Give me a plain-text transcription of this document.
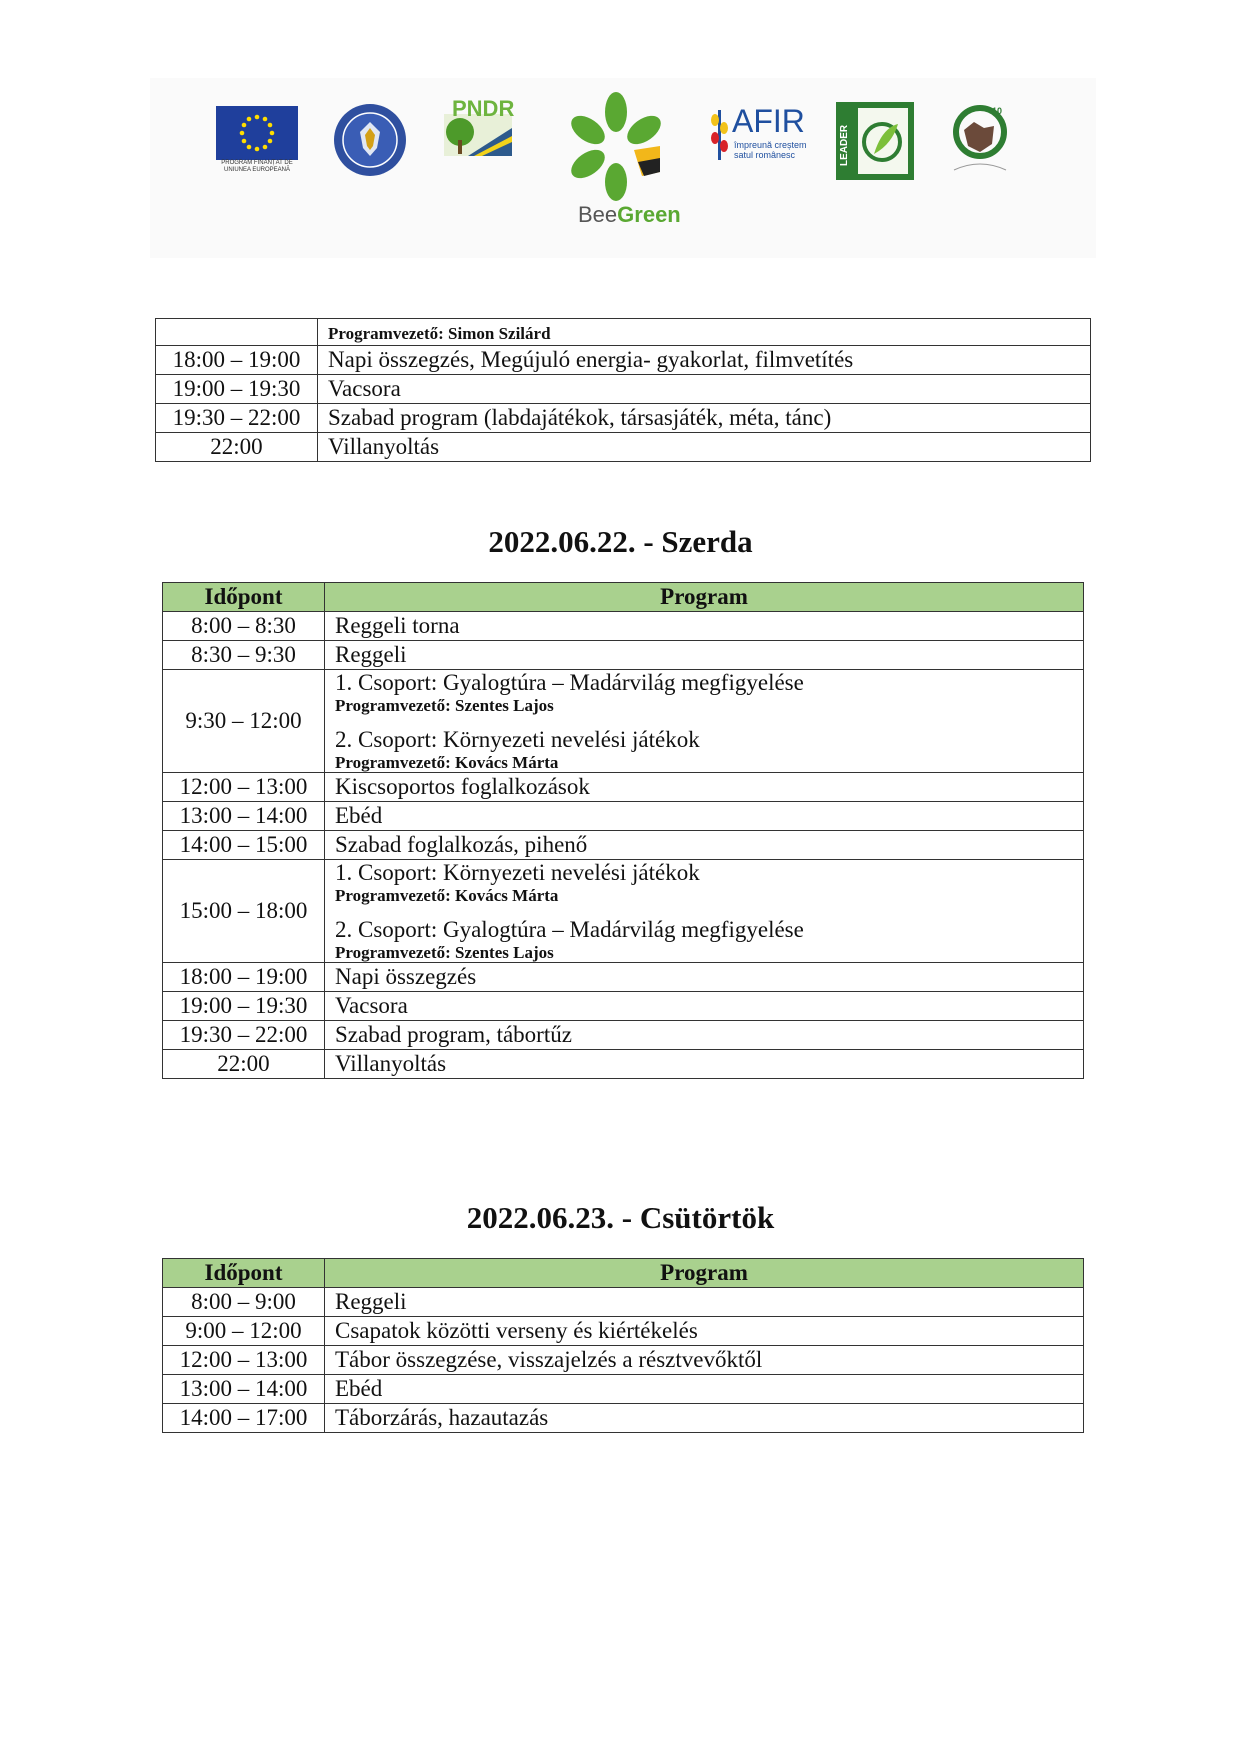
PROGRAM FINANȚAT DE
UNIUNEA EUROPEANĂ
PNDR
BeeGreen
AFIR
împreună creștem
satul românesc	LEADER
10
	Programvezető: Simon Szilárd
18:00 – 19:00	Napi összegzés, Megújuló energia- gyakorlat, filmvetítés
19:00 – 19:30	Vacsora
19:30 – 22:00	Szabad program (labdajátékok, társasjáték, méta, tánc)
22:00	Villanyoltás
2022.06.22. - Szerda
Időpont	Program
8:00 – 8:30	Reggeli torna
8:30 – 9:30	Reggeli
9:30 – 12:00	1. Csoport: Gyalogtúra – Madárvilág megfigyelése
Programvezető: Szentes Lajos
2. Csoport: Környezeti nevelési játékok
Programvezető: Kovács Márta

12:00 – 13:00	Kiscsoportos foglalkozások
13:00 – 14:00	Ebéd
14:00 – 15:00	Szabad foglalkozás, pihenő
15:00 – 18:00	1. Csoport: Környezeti nevelési játékok
Programvezető: Kovács Márta
2. Csoport: Gyalogtúra – Madárvilág megfigyelése
Programvezető: Szentes Lajos

18:00 – 19:00	Napi összegzés
19:00 – 19:30	Vacsora
19:30 – 22:00	Szabad program, tábortűz
22:00	Villanyoltás
2022.06.23. - Csütörtök
Időpont	Program
8:00 – 9:00	Reggeli
9:00 – 12:00	Csapatok közötti verseny és kiértékelés
12:00 – 13:00	Tábor összegzése, visszajelzés a résztvevőktől
13:00 – 14:00	Ebéd
14:00 – 17:00	Táborzárás, hazautazás
